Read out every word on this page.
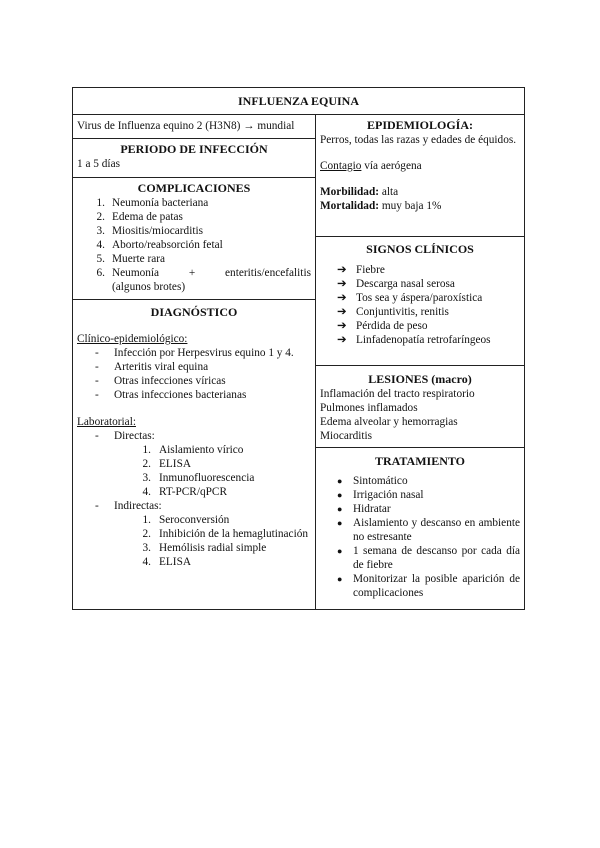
INFLUENZA EQUINA
Virus de Influenza equino 2 (H3N8) → mundial
PERIODO DE INFECCIÓN
1 a 5 días
COMPLICACIONES
1. Neumonía bacteriana
2. Edema de patas
3. Miositis/miocarditis
4. Aborto/reabsorción fetal
5. Muerte rara
6. Neumonía	+	enteritis/encefalitis
(algunos brotes)
DIAGNÓSTICO
Clínico-epidemiológico:
- Infección por Herpesvirus equino 1 y 4.
- Arteritis viral equina
- Otras infecciones víricas
- Otras infecciones bacterianas
Laboratorial:
- Directas:
1. Aislamiento vírico
2. ELISA
3. Inmunofluorescencia
4. RT-PCR/qPCR
- Indirectas:
1. Seroconversión
2. Inhibición de la hemaglutinación
3. Hemólisis radial simple
4. ELISA
EPIDEMIOLOGÍA:
Perros, todas las razas y edades de équidos.
Contagio vía aerógena
Morbilidad: alta
Mortalidad: muy baja 1%
SIGNOS CLÍNICOS
➔ Fiebre
➔ Descarga nasal serosa
➔ Tos sea y áspera/paroxística
➔ Conjuntivitis, renitis
➔ Pérdida de peso
➔ Linfadenopatía retrofaríngeos
LESIONES (macro)
Inflamación del tracto respiratorio
Pulmones inflamados
Edema alveolar y hemorragias
Miocarditis
TRATAMIENTO
● Sintomático
● Irrigación nasal
● Hidratar
● Aislamiento y descanso en ambiente no estresante
● 1 semana de descanso por cada día de fiebre
● Monitorizar la posible aparición de complicaciones
